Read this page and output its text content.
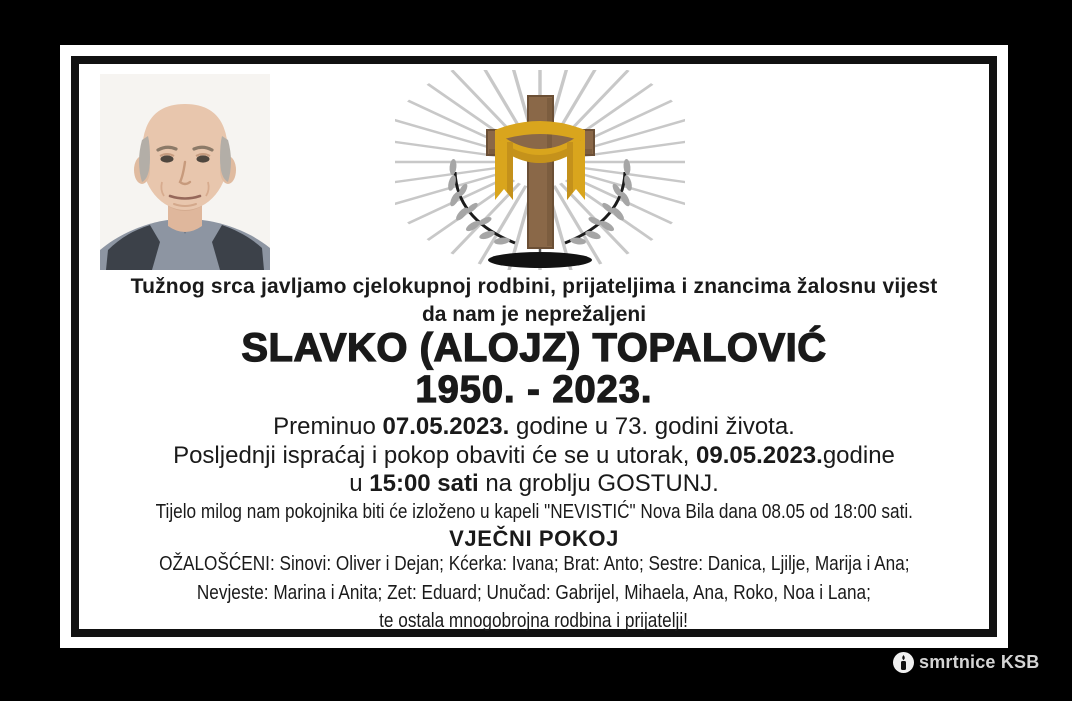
Tužnog srca javljamo cjelokupnoj rodbini, prijateljima i znancima žalosnu vijest
da nam je neprežaljeni
SLAVKO (ALOJZ) TOPALOVIĆ
1950. - 2023.
Preminuo 07.05.2023. godine u 73. godini života.
Posljednji ispraćaj i pokop obaviti će se u utorak, 09.05.2023.godine
u 15:00 sati na groblju GOSTUNJ.
Tijelo milog nam pokojnika biti će izloženo u kapeli "NEVISTIĆ" Nova Bila dana 08.05 od 18:00 sati.
VJEČNI POKOJ
OŽALOŠĆENI: Sinovi: Oliver i Dejan; Kćerka: Ivana; Brat: Anto; Sestre: Danica, Ljilje, Marija i Ana;
Nevjeste: Marina i Anita; Zet: Eduard; Unučad: Gabrijel, Mihaela, Ana, Roko, Noa i Lana;
te ostala mnogobrojna rodbina i prijatelji!
smrtnice KSB
